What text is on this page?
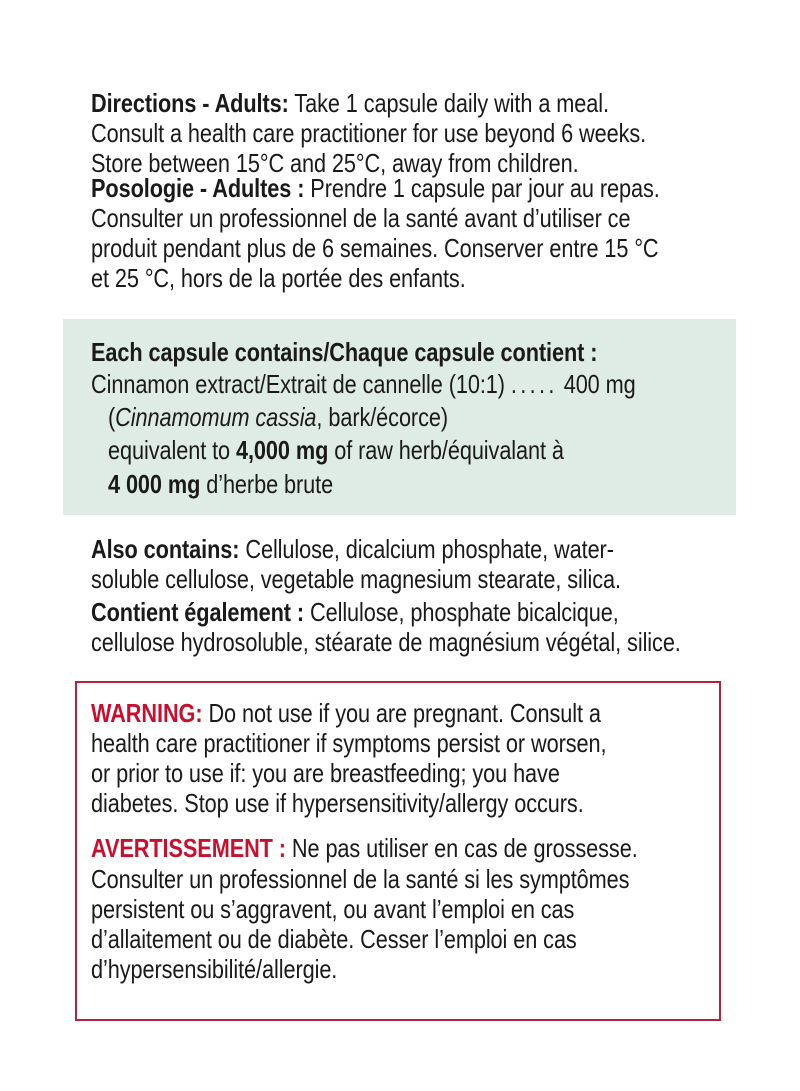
Directions - Adults: Take 1 capsule daily with a meal.
Consult a health care practitioner for use beyond 6 weeks.
Store between 15°C and 25°C, away from children.
Posologie - Adultes : Prendre 1 capsule par jour au repas.
Consulter un professionnel de la santé avant d’utiliser ce
produit pendant plus de 6 semaines. Conserver entre 15 °C
et 25 °C, hors de la portée des enfants.
Each capsule contains/Chaque capsule contient :
Cinnamon extract/Extrait de cannelle (10:1) ..... 400 mg
(Cinnamomum cassia, bark/écorce)
equivalent to 4,000 mg of raw herb/équivalant à
4 000 mg d’herbe brute
Also contains: Cellulose, dicalcium phosphate, water-
soluble cellulose, vegetable magnesium stearate, silica.
Contient également : Cellulose, phosphate bicalcique,
cellulose hydrosoluble, stéarate de magnésium végétal, silice.
WARNING: Do not use if you are pregnant. Consult a
health care practitioner if symptoms persist or worsen,
or prior to use if: you are breastfeeding; you have
diabetes. Stop use if hypersensitivity/allergy occurs.
AVERTISSEMENT : Ne pas utiliser en cas de grossesse.
Consulter un professionnel de la santé si les symptômes
persistent ou s’aggravent, ou avant l’emploi en cas
d’allaitement ou de diabète. Cesser l’emploi en cas
d’hypersensibilité/allergie.
